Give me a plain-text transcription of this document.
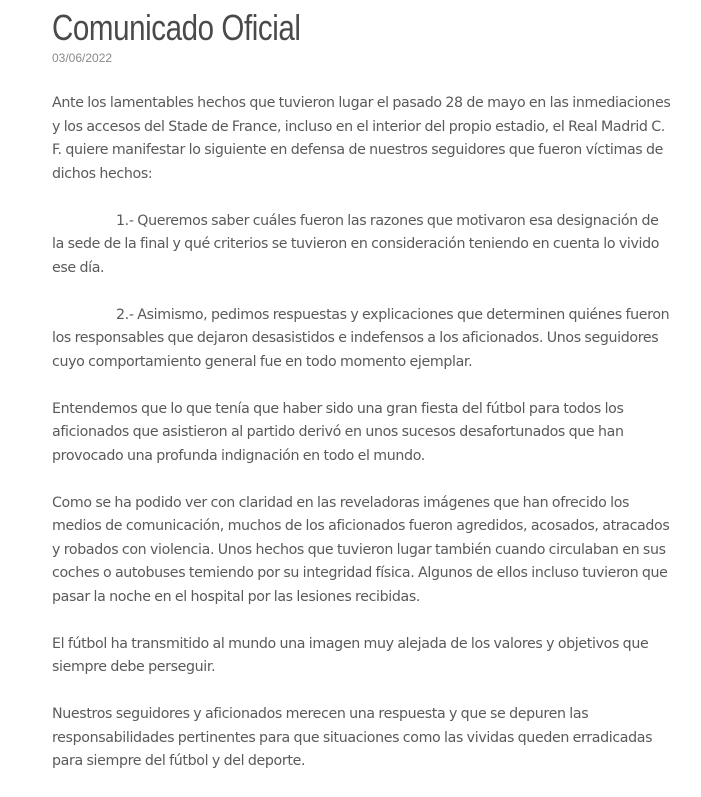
Comunicado Oficial
03/06/2022

Ante los lamentables hechos que tuvieron lugar el pasado 28 de mayo en las inmediaciones y los accesos del Stade de France, incluso en el interior del propio estadio, el Real Madrid C. F. quiere manifestar lo siguiente en defensa de nuestros seguidores que fueron víctimas de dichos hechos:

1.- Queremos saber cuáles fueron las razones que motivaron esa designación de la sede de la final y qué criterios se tuvieron en consideración teniendo en cuenta lo vivido ese día.

2.- Asimismo, pedimos respuestas y explicaciones que determinen quiénes fueron los responsables que dejaron desasistidos e indefensos a los aficionados. Unos seguidores cuyo comportamiento general fue en todo momento ejemplar.

Entendemos que lo que tenía que haber sido una gran fiesta del fútbol para todos los aficionados que asistieron al partido derivó en unos sucesos desafortunados que han provocado una profunda indignación en todo el mundo.

Como se ha podido ver con claridad en las reveladoras imágenes que han ofrecido los medios de comunicación, muchos de los aficionados fueron agredidos, acosados, atracados y robados con violencia. Unos hechos que tuvieron lugar también cuando circulaban en sus coches o autobuses temiendo por su integridad física. Algunos de ellos incluso tuvieron que pasar la noche en el hospital por las lesiones recibidas.

El fútbol ha transmitido al mundo una imagen muy alejada de los valores y objetivos que siempre debe perseguir.

Nuestros seguidores y aficionados merecen una respuesta y que se depuren las responsabilidades pertinentes para que situaciones como las vividas queden erradicadas para siempre del fútbol y del deporte.
